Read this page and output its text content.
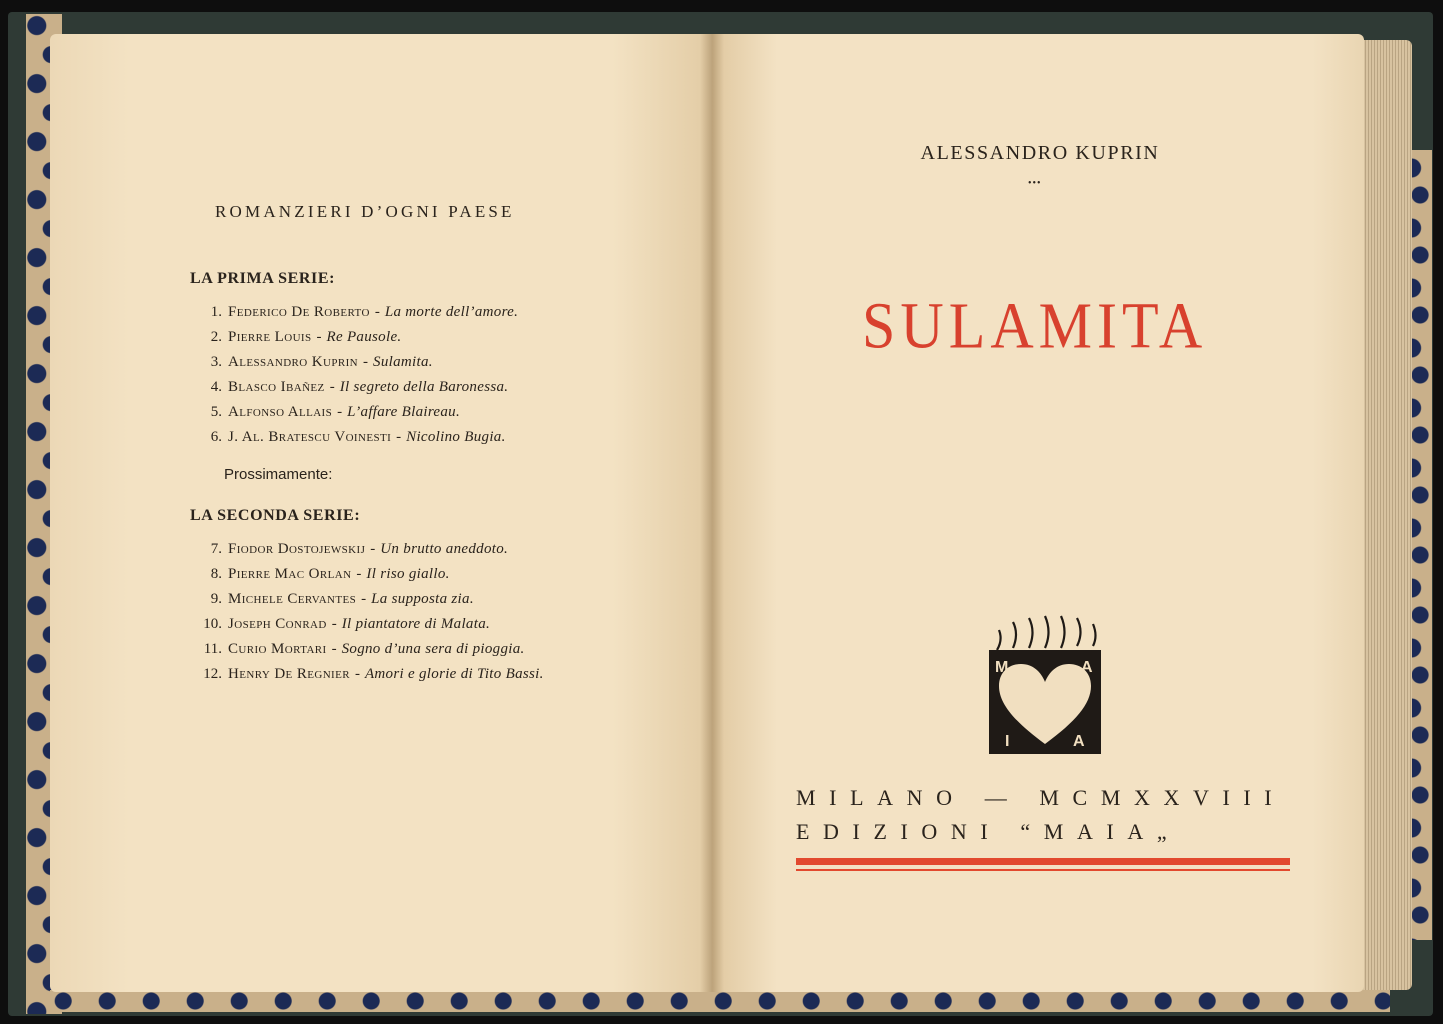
ROMANZIERI D’OGNI PAESE
LA PRIMA SERIE:
1. Federico De Roberto - La morte dell’amore.
2. Pierre Louis - Re Pausole.
3. Alessandro Kuprin - Sulamita.
4. Blasco Ibañez - Il segreto della Baronessa.
5. Alfonso Allais - L’affare Blaireau.
6. J. Al. Bratescu Voinesti - Nicolino Bugia.
Prossimamente:
LA SECONDA SERIE:
7. Fiodor Dostojewskij - Un brutto aneddoto.
8. Pierre Mac Orlan - Il riso giallo.
9. Michele Cervantes - La supposta zia.
10. Joseph Conrad - Il piantatore di Malata.
11. Curio Mortari - Sogno d’una sera di pioggia.
12. Henry De Regnier - Amori e glorie di Tito Bassi.
ALESSANDRO KUPRIN
•••
SULAMITA
M	A
I	A
MILANO — MCMXXVIII
EDIZIONI “MAIA„
